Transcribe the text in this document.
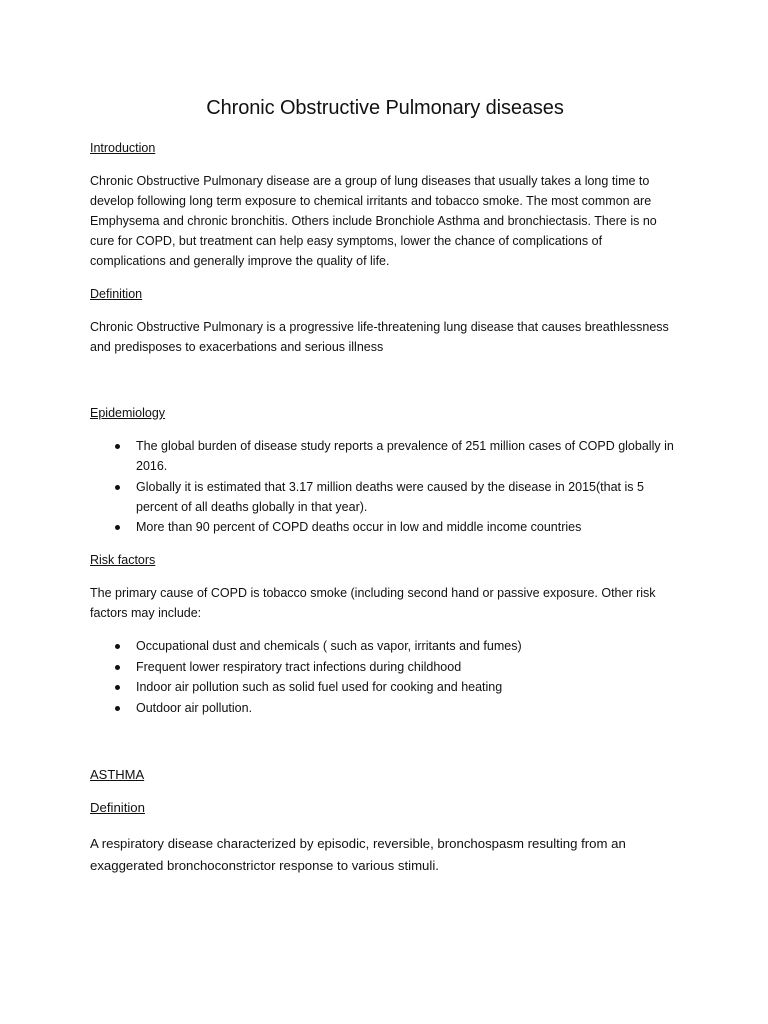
Chronic Obstructive Pulmonary diseases
Introduction

Chronic Obstructive Pulmonary disease are a group of lung diseases that usually takes a long time to develop following long term exposure to chemical irritants and tobacco smoke. The most common are Emphysema and chronic bronchitis. Others include Bronchiole Asthma and bronchiectasis. There is no cure for COPD, but treatment can help easy symptoms, lower the chance of complications of complications and generally improve the quality of life.

Definition

Chronic Obstructive Pulmonary is a progressive life-threatening lung disease that causes breathlessness and predisposes to exacerbations and serious illness

Epidemiology
The global burden of disease study reports a prevalence of 251 million cases of COPD globally in 2016.
Globally it is estimated that 3.17 million deaths were caused by the disease in 2015(that is 5 percent of all deaths globally in that year).
More than 90 percent of COPD deaths occur in low and middle income countries
Risk factors

The primary cause of COPD is tobacco smoke (including second hand or passive exposure. Other risk factors may include:

Occupational dust and chemicals ( such as vapor, irritants and fumes)
Frequent lower respiratory tract infections during childhood
Indoor air pollution such as solid fuel used for cooking and heating
Outdoor air pollution.
ASTHMA
Definition

A respiratory disease characterized by episodic, reversible, bronchospasm resulting from an exaggerated bronchoconstrictor response to various stimuli.
